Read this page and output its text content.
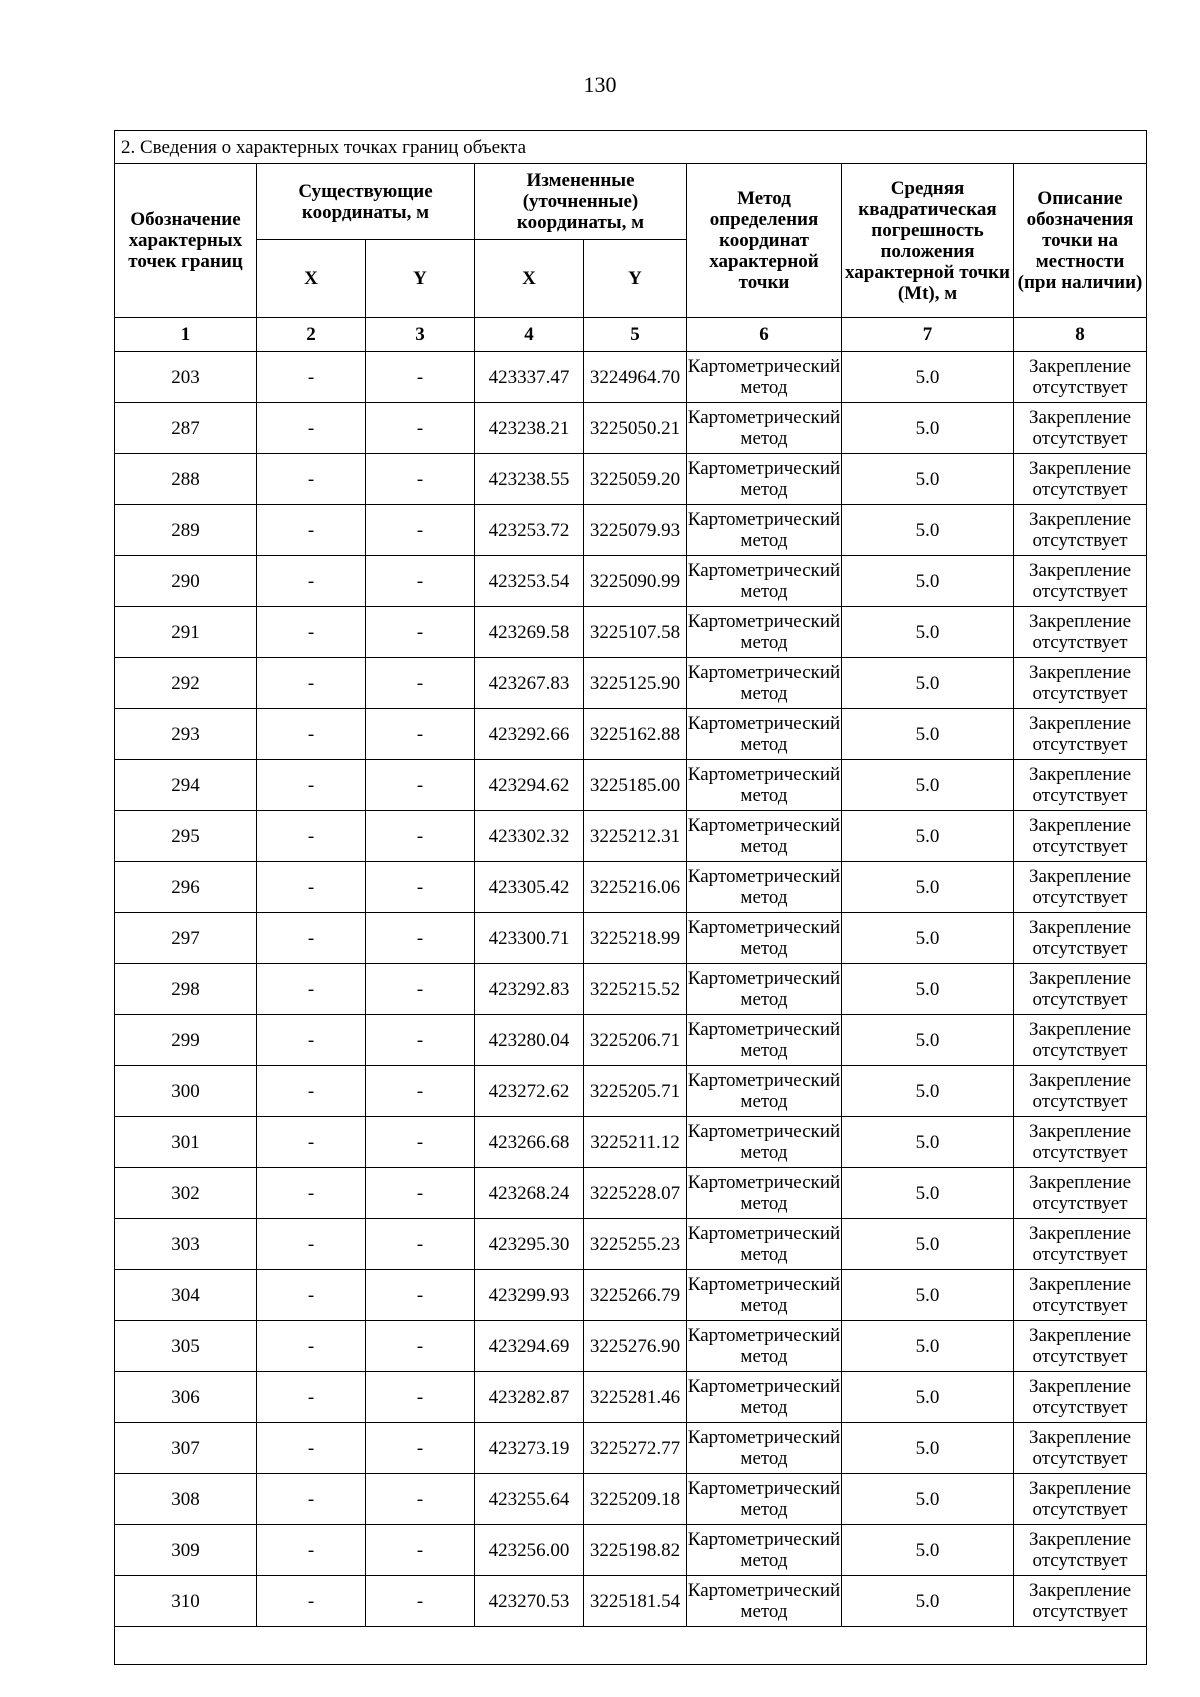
130
2. Сведения о характерных точках границ объекта							
Обозначение характерных точек границ	Существующие координаты, м		Измененные (уточненные) координаты, м		Метод определения координат характерной точки	Средняя квадратическая погрешность положения характерной точки (Mt), м	Описание обозначения точки на местности (при наличии)
	X	Y	X	Y			
1	2	3	4	5	6	7	8
203	-	-	423337.47	3224964.70	Картометрический метод	5.0	Закрепление отсутствует
287	-	-	423238.21	3225050.21	Картометрический метод	5.0	Закрепление отсутствует
288	-	-	423238.55	3225059.20	Картометрический метод	5.0	Закрепление отсутствует
289	-	-	423253.72	3225079.93	Картометрический метод	5.0	Закрепление отсутствует
290	-	-	423253.54	3225090.99	Картометрический метод	5.0	Закрепление отсутствует
291	-	-	423269.58	3225107.58	Картометрический метод	5.0	Закрепление отсутствует
292	-	-	423267.83	3225125.90	Картометрический метод	5.0	Закрепление отсутствует
293	-	-	423292.66	3225162.88	Картометрический метод	5.0	Закрепление отсутствует
294	-	-	423294.62	3225185.00	Картометрический метод	5.0	Закрепление отсутствует
295	-	-	423302.32	3225212.31	Картометрический метод	5.0	Закрепление отсутствует
296	-	-	423305.42	3225216.06	Картометрический метод	5.0	Закрепление отсутствует
297	-	-	423300.71	3225218.99	Картометрический метод	5.0	Закрепление отсутствует
298	-	-	423292.83	3225215.52	Картометрический метод	5.0	Закрепление отсутствует
299	-	-	423280.04	3225206.71	Картометрический метод	5.0	Закрепление отсутствует
300	-	-	423272.62	3225205.71	Картометрический метод	5.0	Закрепление отсутствует
301	-	-	423266.68	3225211.12	Картометрический метод	5.0	Закрепление отсутствует
302	-	-	423268.24	3225228.07	Картометрический метод	5.0	Закрепление отсутствует
303	-	-	423295.30	3225255.23	Картометрический метод	5.0	Закрепление отсутствует
304	-	-	423299.93	3225266.79	Картометрический метод	5.0	Закрепление отсутствует
305	-	-	423294.69	3225276.90	Картометрический метод	5.0	Закрепление отсутствует
306	-	-	423282.87	3225281.46	Картометрический метод	5.0	Закрепление отсутствует
307	-	-	423273.19	3225272.77	Картометрический метод	5.0	Закрепление отсутствует
308	-	-	423255.64	3225209.18	Картометрический метод	5.0	Закрепление отсутствует
309	-	-	423256.00	3225198.82	Картометрический метод	5.0	Закрепление отсутствует
310	-	-	423270.53	3225181.54	Картометрический метод	5.0	Закрепление отсутствует
